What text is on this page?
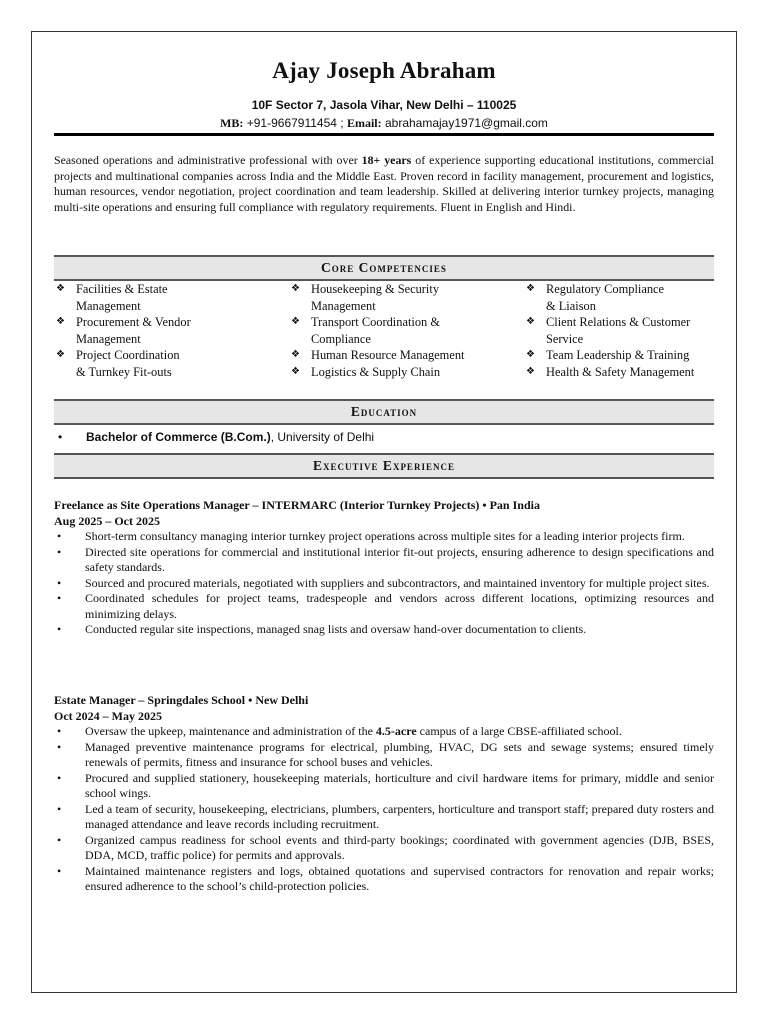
Ajay Joseph Abraham
10F Sector 7, Jasola Vihar, New Delhi – 110025
MB: +91-9667911454 ; Email: abrahamajay1971@gmail.com
Seasoned operations and administrative professional with over 18+ years of experience supporting educational institutions, commercial projects and multinational companies across India and the Middle East. Proven record in facility management, procurement and logistics, human resources, vendor negotiation, project coordination and team leadership. Skilled at delivering interior turnkey projects, managing multi-site operations and ensuring full compliance with regulatory requirements. Fluent in English and Hindi.
Core Competencies
❖ Facilities & Estate
Management
❖ Procurement & Vendor
Management
❖ Project Coordination
& Turnkey Fit-outs
❖ Housekeeping & Security
Management
❖ Transport Coordination &
Compliance
❖ Human Resource Management
❖ Logistics & Supply Chain
❖ Regulatory Compliance
& Liaison
❖ Client Relations & Customer
Service
❖ Team Leadership & Training
❖ Health & Safety Management
Education
• Bachelor of Commerce (B.Com.), University of Delhi
Executive Experience
Freelance as Site Operations Manager – INTERMARC (Interior Turnkey Projects) • Pan India
Aug 2025 – Oct 2025
• Short-term consultancy managing interior turnkey project operations across multiple sites for a leading interior projects firm.
• Directed site operations for commercial and institutional interior fit-out projects, ensuring adherence to design specifications and safety standards.
• Sourced and procured materials, negotiated with suppliers and subcontractors, and maintained inventory for multiple project sites.
• Coordinated schedules for project teams, tradespeople and vendors across different locations, optimizing resources and minimizing delays.
• Conducted regular site inspections, managed snag lists and oversaw hand-over documentation to clients.
Estate Manager – Springdales School • New Delhi
Oct 2024 – May 2025
• Oversaw the upkeep, maintenance and administration of the 4.5-acre campus of a large CBSE-affiliated school.
• Managed preventive maintenance programs for electrical, plumbing, HVAC, DG sets and sewage systems; ensured timely renewals of permits, fitness and insurance for school buses and vehicles.
• Procured and supplied stationery, housekeeping materials, horticulture and civil hardware items for primary, middle and senior school wings.
• Led a team of security, housekeeping, electricians, plumbers, carpenters, horticulture and transport staff; prepared duty rosters and managed attendance and leave records including recruitment.
• Organized campus readiness for school events and third-party bookings; coordinated with government agencies (DJB, BSES, DDA, MCD, traffic police) for permits and approvals.
• Maintained maintenance registers and logs, obtained quotations and supervised contractors for renovation and repair works; ensured adherence to the school’s child-protection policies.
